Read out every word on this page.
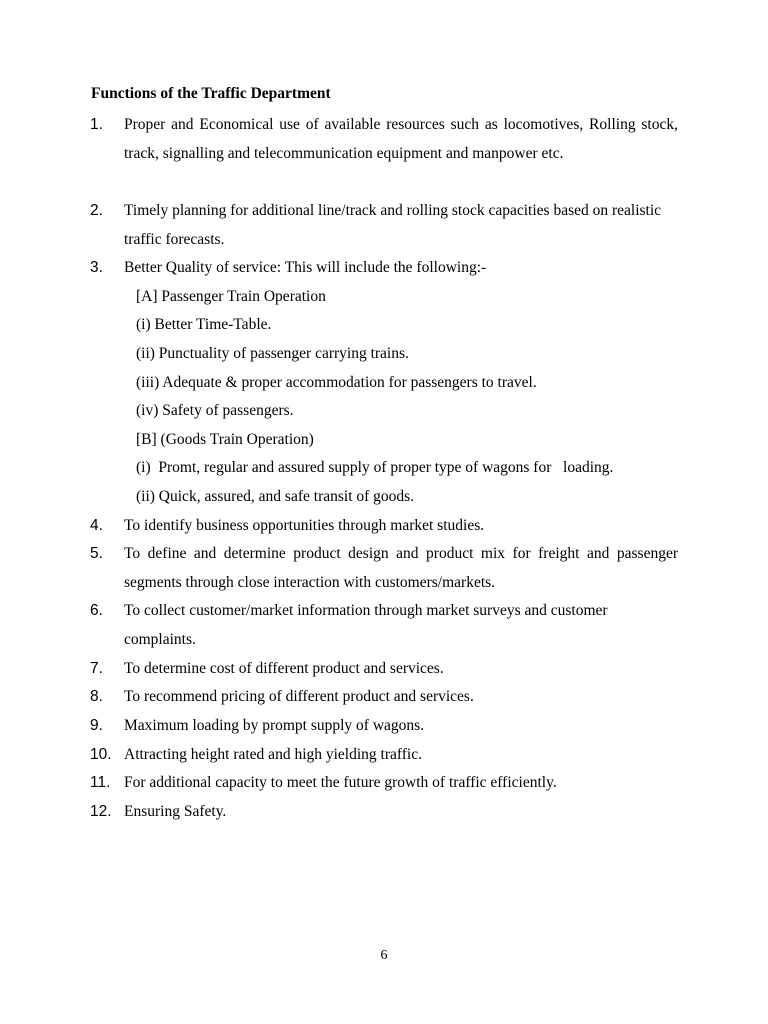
Functions of the Traffic Department
1. Proper and Economical use of available resources such as locomotives, Rolling stock, track, signalling and telecommunication equipment and manpower etc.
2. Timely planning for additional line/track and rolling stock capacities based on realistic traffic forecasts.
3. Better Quality of service: This will include the following:-
[A] Passenger Train Operation
(i) Better Time-Table.
(ii) Punctuality of passenger carrying trains.
(iii) Adequate & proper accommodation for passengers to travel.
(iv) Safety of passengers.
[B] (Goods Train Operation)
(i)  Promt, regular and assured supply of proper type of wagons for   loading.
(ii) Quick, assured, and safe transit of goods.
4. To identify business opportunities through market studies.
5. To define and determine product design and product mix for freight and passenger segments through close interaction with customers/markets.
6. To collect customer/market information through market surveys and customer complaints.
7. To determine cost of different product and services.
8. To recommend pricing of different product and services.
9. Maximum loading by prompt supply of wagons.
10. Attracting height rated and high yielding traffic.
11. For additional capacity to meet the future growth of traffic efficiently.
12. Ensuring Safety.
6
